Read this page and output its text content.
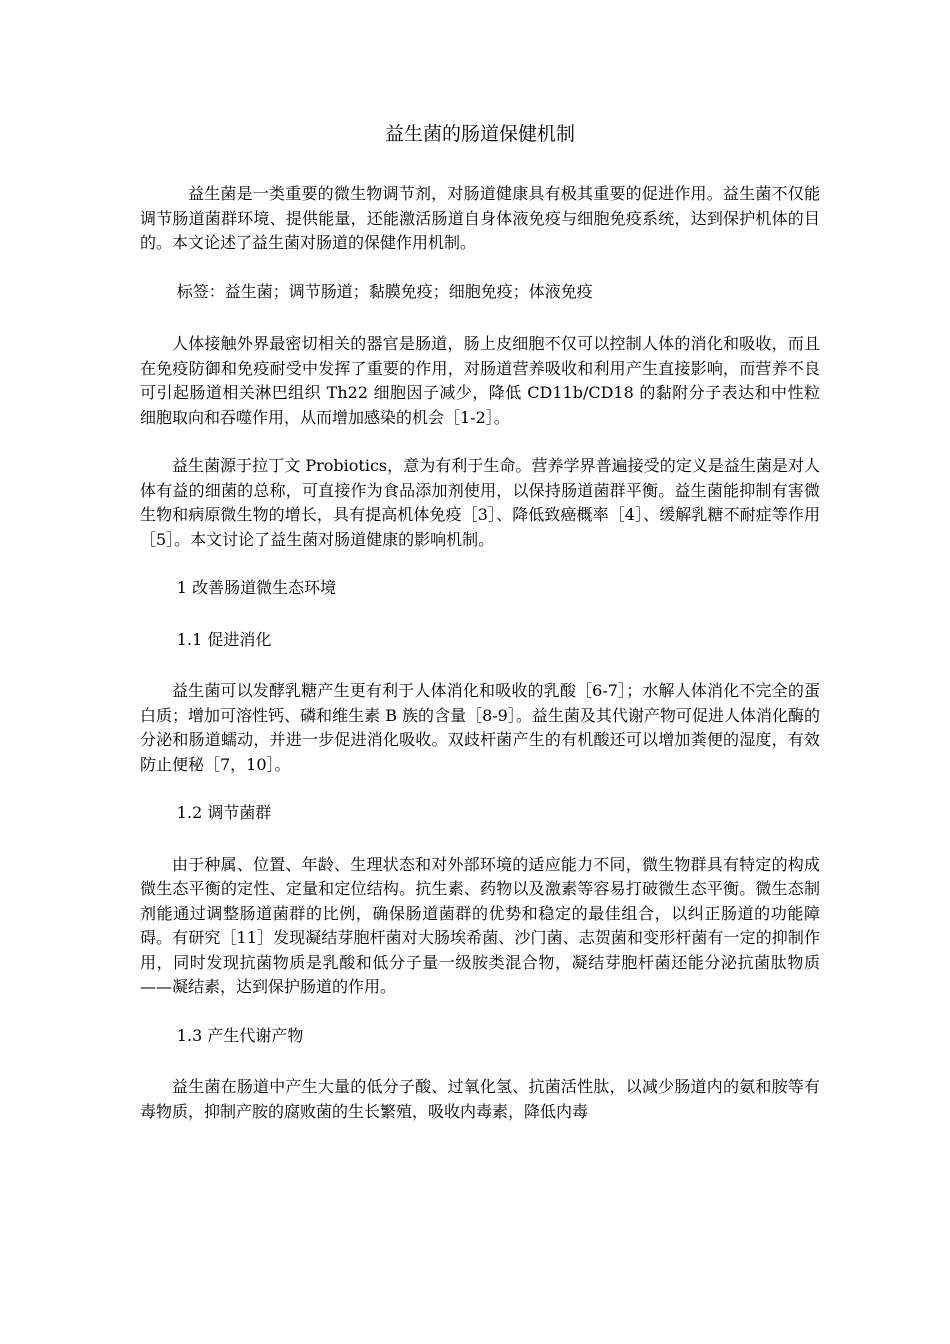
益生菌的肠道保健机制

益生菌是一类重要的微生物调节剂，对肠道健康具有极其重要的促进作用。益生菌不仅能调节肠道菌群环境、提供能量，还能激活肠道自身体液免疫与细胞免疫系统，达到保护机体的目的。本文论述了益生菌对肠道的保健作用机制。

标签：益生菌；调节肠道；黏膜免疫；细胞免疫；体液免疫

人体接触外界最密切相关的器官是肠道，肠上皮细胞不仅可以控制人体的消化和吸收，而且在免疫防御和免疫耐受中发挥了重要的作用，对肠道营养吸收和利用产生直接影响，而营养不良可引起肠道相关淋巴组织 Th22 细胞因子减少，降低 CD11b/CD18 的黏附分子表达和中性粒细胞取向和吞噬作用，从而增加感染的机会［1-2］。

益生菌源于拉丁文 Probiotics，意为有利于生命。营养学界普遍接受的定义是益生菌是对人体有益的细菌的总称，可直接作为食品添加剂使用，以保持肠道菌群平衡。益生菌能抑制有害微生物和病原微生物的增长，具有提高机体免疫［3］、降低致癌概率［4］、缓解乳糖不耐症等作用［5］。本文讨论了益生菌对肠道健康的影响机制。

1 改善肠道微生态环境
1.1 促进消化

益生菌可以发酵乳糖产生更有利于人体消化和吸收的乳酸［6-7］；水解人体消化不完全的蛋白质；增加可溶性钙、磷和维生素 B 族的含量［8-9］。益生菌及其代谢产物可促进人体消化酶的分泌和肠道蠕动，并进一步促进消化吸收。双歧杆菌产生的有机酸还可以增加粪便的湿度，有效防止便秘［7，10］。

1.2 调节菌群

由于种属、位置、年龄、生理状态和对外部环境的适应能力不同，微生物群具有特定的构成微生态平衡的定性、定量和定位结构。抗生素、药物以及激素等容易打破微生态平衡。微生态制剂能通过调整肠道菌群的比例，确保肠道菌群的优势和稳定的最佳组合，以纠正肠道的功能障碍。有研究［11］发现凝结芽胞杆菌对大肠埃希菌、沙门菌、志贺菌和变形杆菌有一定的抑制作用，同时发现抗菌物质是乳酸和低分子量一级胺类混合物，凝结芽胞杆菌还能分泌抗菌肽物质——凝结素，达到保护肠道的作用。

1.3 产生代谢产物

益生菌在肠道中产生大量的低分子酸、过氧化氢、抗菌活性肽，以减少肠道内的氨和胺等有毒物质，抑制产胺的腐败菌的生长繁殖，吸收内毒素，降低内毒
